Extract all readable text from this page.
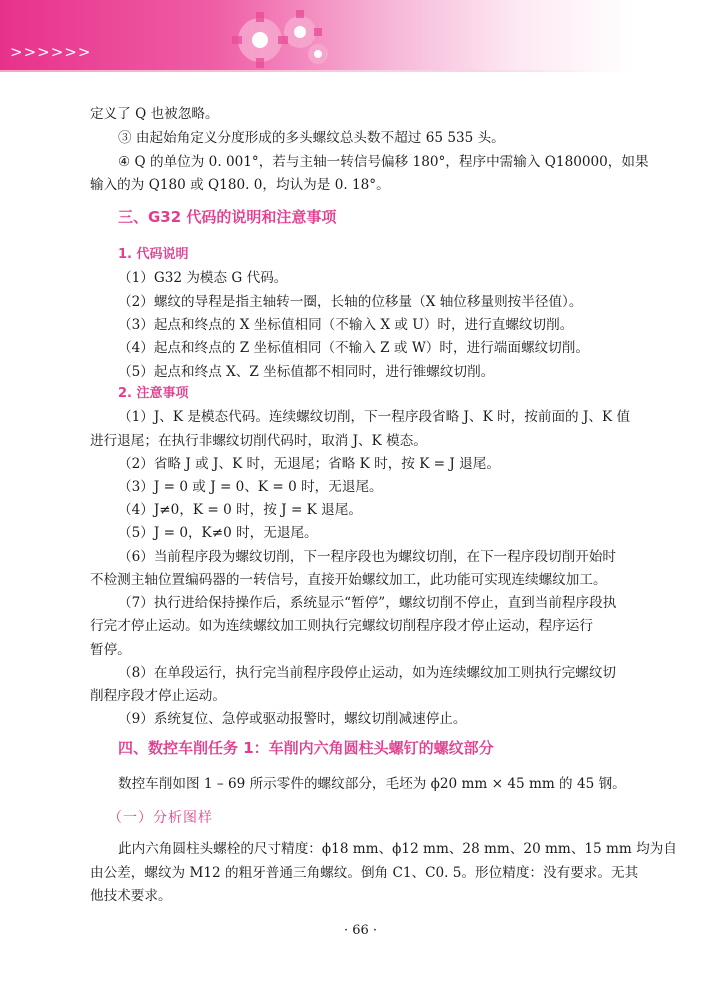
>>>>>>
定义了 Q 也被忽略。
③ 由起始角定义分度形成的多头螺纹总头数不超过 65 535 头。
④ Q 的单位为 0. 001°，若与主轴一转信号偏移 180°，程序中需输入 Q180000，如果
输入的为 Q180 或 Q180. 0，均认为是 0. 18°。
三、G32 代码的说明和注意事项
1. 代码说明
（1）G32 为模态 G 代码。
（2）螺纹的导程是指主轴转一圈，长轴的位移量（X 轴位移量则按半径值）。
（3）起点和终点的 X 坐标值相同（不输入 X 或 U）时，进行直螺纹切削。
（4）起点和终点的 Z 坐标值相同（不输入 Z 或 W）时，进行端面螺纹切削。
（5）起点和终点 X、Z 坐标值都不相同时，进行锥螺纹切削。
2. 注意事项
（1）J、K 是模态代码。连续螺纹切削，下一程序段省略 J、K 时，按前面的 J、K 值
进行退尾；在执行非螺纹切削代码时，取消 J、K 模态。
（2）省略 J 或 J、K 时，无退尾；省略 K 时，按 K = J 退尾。
（3）J = 0 或 J = 0、K = 0 时，无退尾。
（4）J≠0，K = 0 时，按 J = K 退尾。
（5）J = 0，K≠0 时，无退尾。
（6）当前程序段为螺纹切削，下一程序段也为螺纹切削，在下一程序段切削开始时
不检测主轴位置编码器的一转信号，直接开始螺纹加工，此功能可实现连续螺纹加工。
（7）执行进给保持操作后，系统显示“暂停”，螺纹切削不停止，直到当前程序段执
行完才停止运动。如为连续螺纹加工则执行完螺纹切削程序段才停止运动，程序运行
暂停。
（8）在单段运行，执行完当前程序段停止运动，如为连续螺纹加工则执行完螺纹切
削程序段才停止运动。
（9）系统复位、急停或驱动报警时，螺纹切削减速停止。
四、数控车削任务 1：车削内六角圆柱头螺钉的螺纹部分
数控车削如图 1 – 69 所示零件的螺纹部分，毛坯为 ϕ20 mm × 45 mm 的 45 钢。
（一）分析图样
此内六角圆柱头螺栓的尺寸精度：ϕ18 mm、ϕ12 mm、28 mm、20 mm、15 mm 均为自
由公差，螺纹为 M12 的粗牙普通三角螺纹。倒角 C1、C0. 5。形位精度：没有要求。无其
他技术要求。
· 66 ·
